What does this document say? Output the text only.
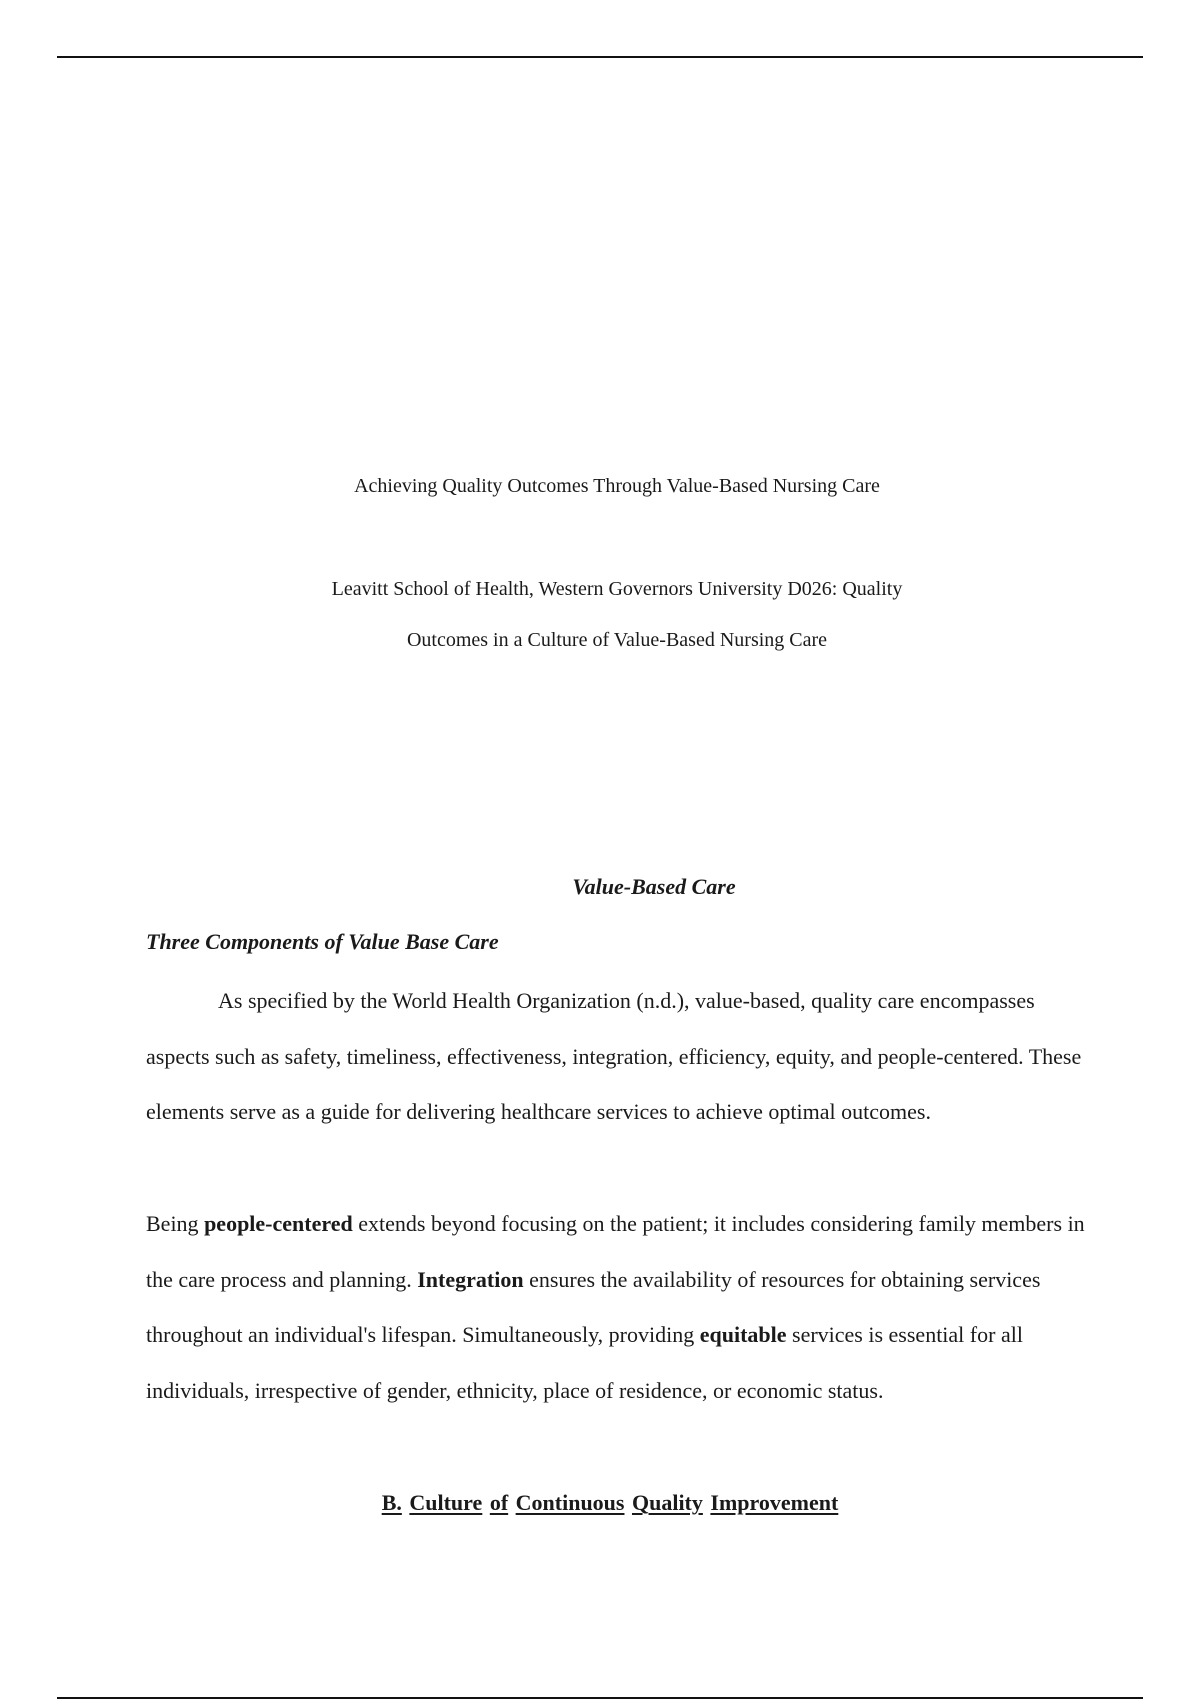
Achieving Quality Outcomes Through Value-Based Nursing Care
Leavitt School of Health, Western Governors University D026: Quality
Outcomes in a Culture of Value-Based Nursing Care
Value-Based Care
Three Components of Value Base Care

As specified by the World Health Organization (n.d.), value-based, quality care encompasses aspects such as safety, timeliness, effectiveness, integration, efficiency, equity, and people-centered. These elements serve as a guide for delivering healthcare services to achieve optimal outcomes.

Being people-centered extends beyond focusing on the patient; it includes considering family members in the care process and planning. Integration ensures the availability of resources for obtaining services throughout an individual's lifespan. Simultaneously, providing equitable services is essential for all individuals, irrespective of gender, ethnicity, place of residence, or economic status.

B. Culture of Continuous Quality Improvement
